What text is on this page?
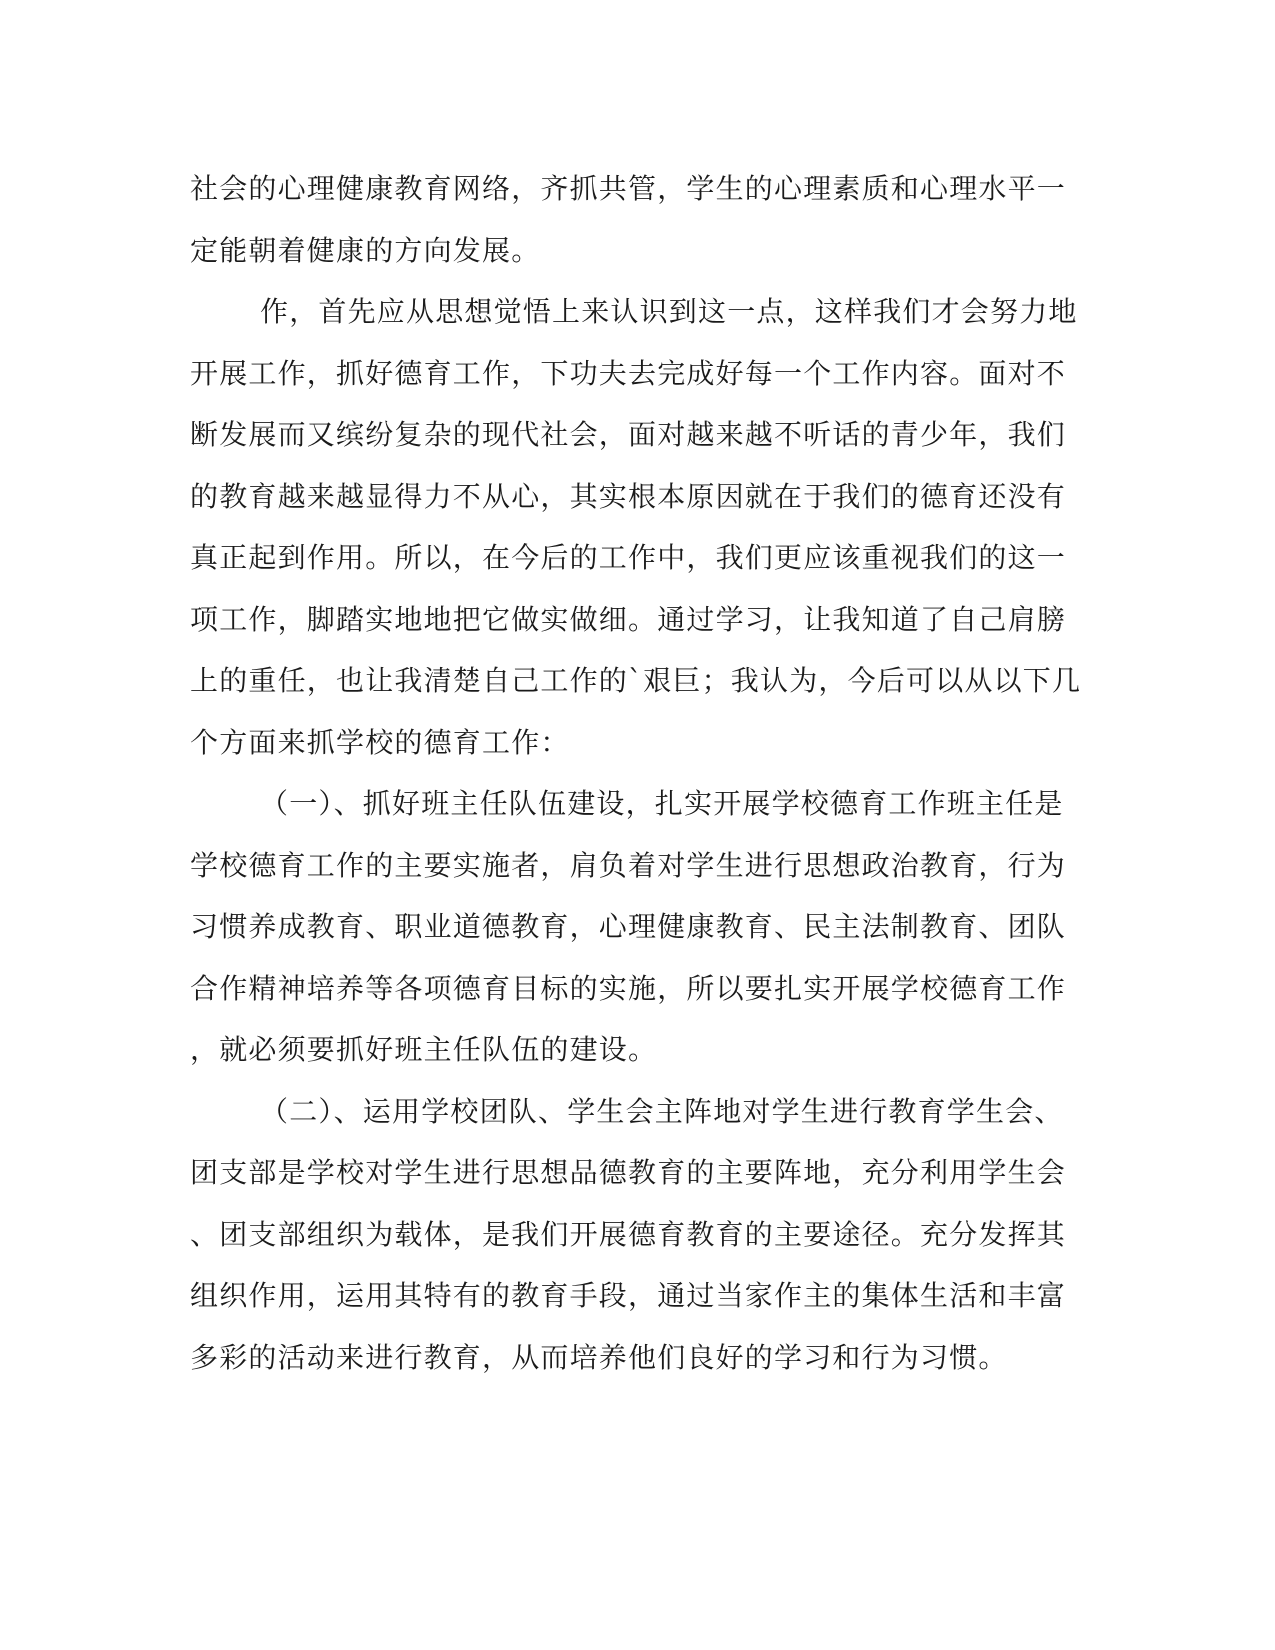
社会的心理健康教育网络，齐抓共管，学生的心理素质和心理水平一
定能朝着健康的方向发展。
作，首先应从思想觉悟上来认识到这一点，这样我们才会努力地
开展工作，抓好德育工作，下功夫去完成好每一个工作内容。面对不
断发展而又缤纷复杂的现代社会，面对越来越不听话的青少年，我们
的教育越来越显得力不从心，其实根本原因就在于我们的德育还没有
真正起到作用。所以，在今后的工作中，我们更应该重视我们的这一
项工作，脚踏实地地把它做实做细。通过学习，让我知道了自己肩膀
上的重任，也让我清楚自己工作的`艰巨；我认为，今后可以从以下几
个方面来抓学校的德育工作：
（一）、抓好班主任队伍建设，扎实开展学校德育工作班主任是
学校德育工作的主要实施者，肩负着对学生进行思想政治教育，行为
习惯养成教育、职业道德教育，心理健康教育、民主法制教育、团队
合作精神培养等各项德育目标的实施，所以要扎实开展学校德育工作
，就必须要抓好班主任队伍的建设。
（二）、运用学校团队、学生会主阵地对学生进行教育学生会、
团支部是学校对学生进行思想品德教育的主要阵地，充分利用学生会
、团支部组织为载体，是我们开展德育教育的主要途径。充分发挥其
组织作用，运用其特有的教育手段，通过当家作主的集体生活和丰富
多彩的活动来进行教育，从而培养他们良好的学习和行为习惯。
